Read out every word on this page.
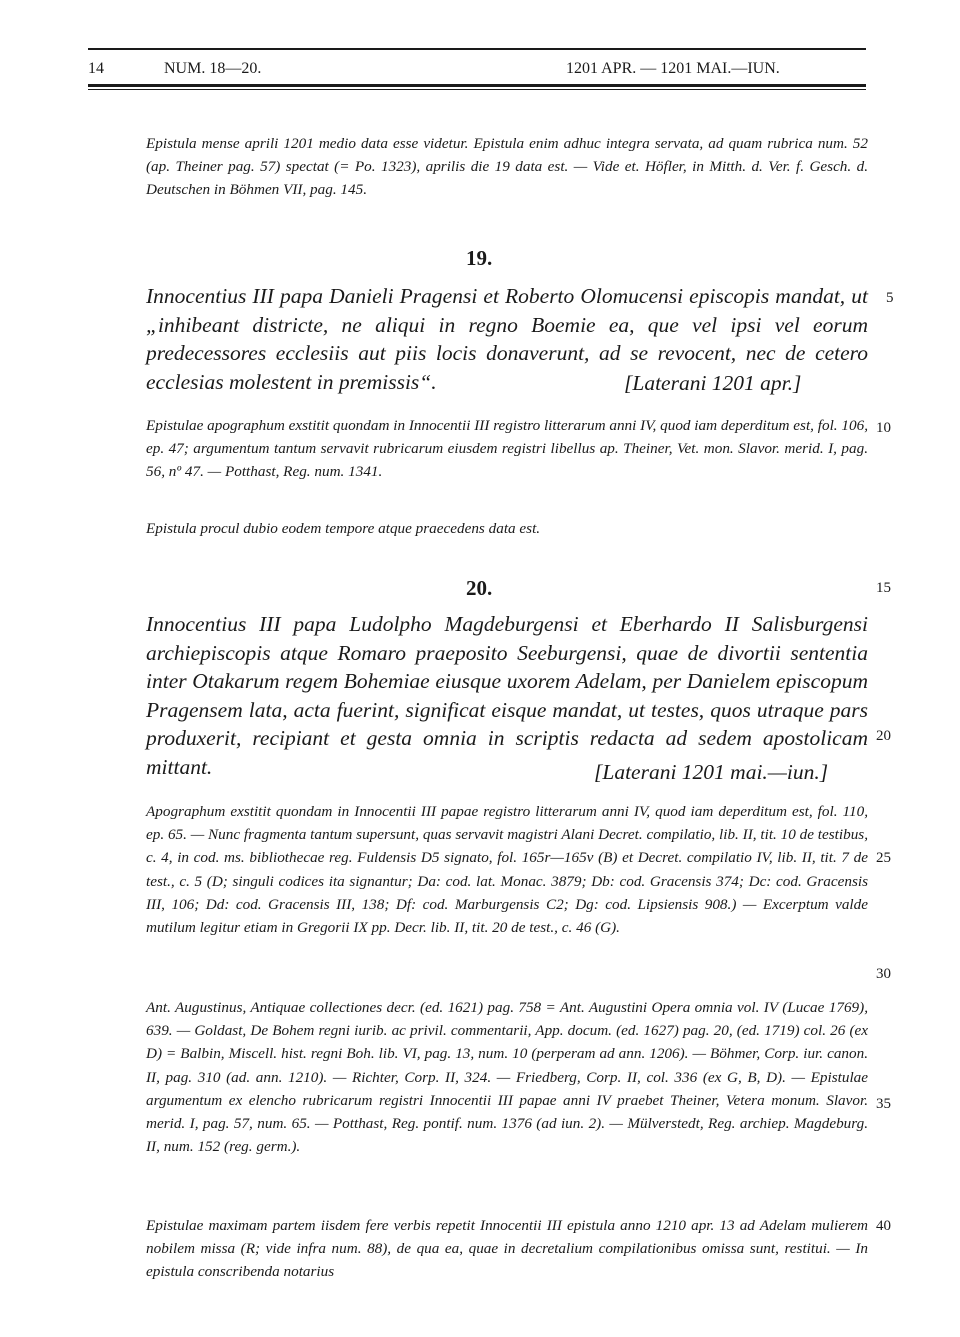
14	NUM. 18—20.	1201 APR. — 1201 MAI.—IUN.

Epistula mense aprili 1201 medio data esse videtur. Epistula enim adhuc integra servata, ad quam rubrica num. 52 (ap. Theiner pag. 57) spectat (= Po. 1323), aprilis die 19 data est. — Vide et. Höfler, in Mitth. d. Ver. f. Gesch. d. Deutschen in Böhmen VII, pag. 145.

19.

Innocentius III papa Danieli Pragensi et Roberto Olomucensi episcopis mandat, ut „inhibeant districte, ne aliqui in regno Boemie ea, que vel ipsi vel eorum predecessores ecclesiis aut piis locis donaverunt, ad se revocent, nec de cetero ecclesias molestent in premissis“.	[Laterani 1201 apr.]

Epistulae apographum exstitit quondam in Innocentii III registro litterarum anni IV, quod iam deperditum est, fol. 106, ep. 47; argumentum tantum servavit rubricarum eiusdem registri libellus ap. Theiner, Vet. mon. Slavor. merid. I, pag. 56, nº 47. — Potthast, Reg. num. 1341.

Epistula procul dubio eodem tempore atque praecedens data est.

20.

Innocentius III papa Ludolpho Magdeburgensi et Eberhardo II Salisburgensi archiepiscopis atque Romaro praeposito Seeburgensi, quae de divortii sententia inter Otakarum regem Bohemiae eiusque uxorem Adelam, per Danielem episcopum Pragensem lata, acta fuerint, significat eisque mandat, ut testes, quos utraque pars produxerit, recipiant et gesta omnia in scriptis redacta ad sedem apostolicam mittant.	[Laterani 1201 mai.—iun.]

Apographum exstitit quondam in Innocentii III papae registro litterarum anni IV, quod iam deperditum est, fol. 110, ep. 65. — Nunc fragmenta tantum supersunt, quas servavit magistri Alani Decret. compilatio, lib. II, tit. 10 de testibus, c. 4, in cod. ms. bibliothecae reg. Fuldensis D5 signato, fol. 165r—165v (B) et Decret. compilatio IV, lib. II, tit. 7 de test., c. 5 (D; singuli codices ita signantur; Da: cod. lat. Monac. 3879; Db: cod. Gracensis 374; Dc: cod. Gracensis III, 106; Dd: cod. Gracensis III, 138; Df: cod. Marburgensis C2; Dg: cod. Lipsiensis 908.) — Excerptum valde mutilum legitur etiam in Gregorii IX pp. Decr. lib. II, tit. 20 de test., c. 46 (G).

Ant. Augustinus, Antiquae collectiones decr. (ed. 1621) pag. 758 = Ant. Augustini Opera omnia vol. IV (Lucae 1769), 639. — Goldast, De Bohem regni iurib. ac privil. commentarii, App. docum. (ed. 1627) pag. 20, (ed. 1719) col. 26 (ex D) = Balbin, Miscell. hist. regni Boh. lib. VI, pag. 13, num. 10 (perperam ad ann. 1206). — Böhmer, Corp. iur. canon. II, pag. 310 (ad. ann. 1210). — Richter, Corp. II, 324. — Friedberg, Corp. II, col. 336 (ex G, B, D). — Epistulae argumentum ex elencho rubricarum registri Innocentii III papae anni IV praebet Theiner, Vetera monum. Slavor. merid. I, pag. 57, num. 65. — Potthast, Reg. pontif. num. 1376 (ad iun. 2). — Mülverstedt, Reg. archiep. Magdeburg. II, num. 152 (reg. germ.).

Epistulae maximam partem iisdem fere verbis repetit Innocentii III epistula anno 1210 apr. 13 ad Adelam mulierem nobilem missa (R; vide infra num. 88), de qua ea, quae in decretalium compilationibus omissa sunt, restitui. — In epistula conscribenda notarius

5
10
15
20
25
30
35
40
